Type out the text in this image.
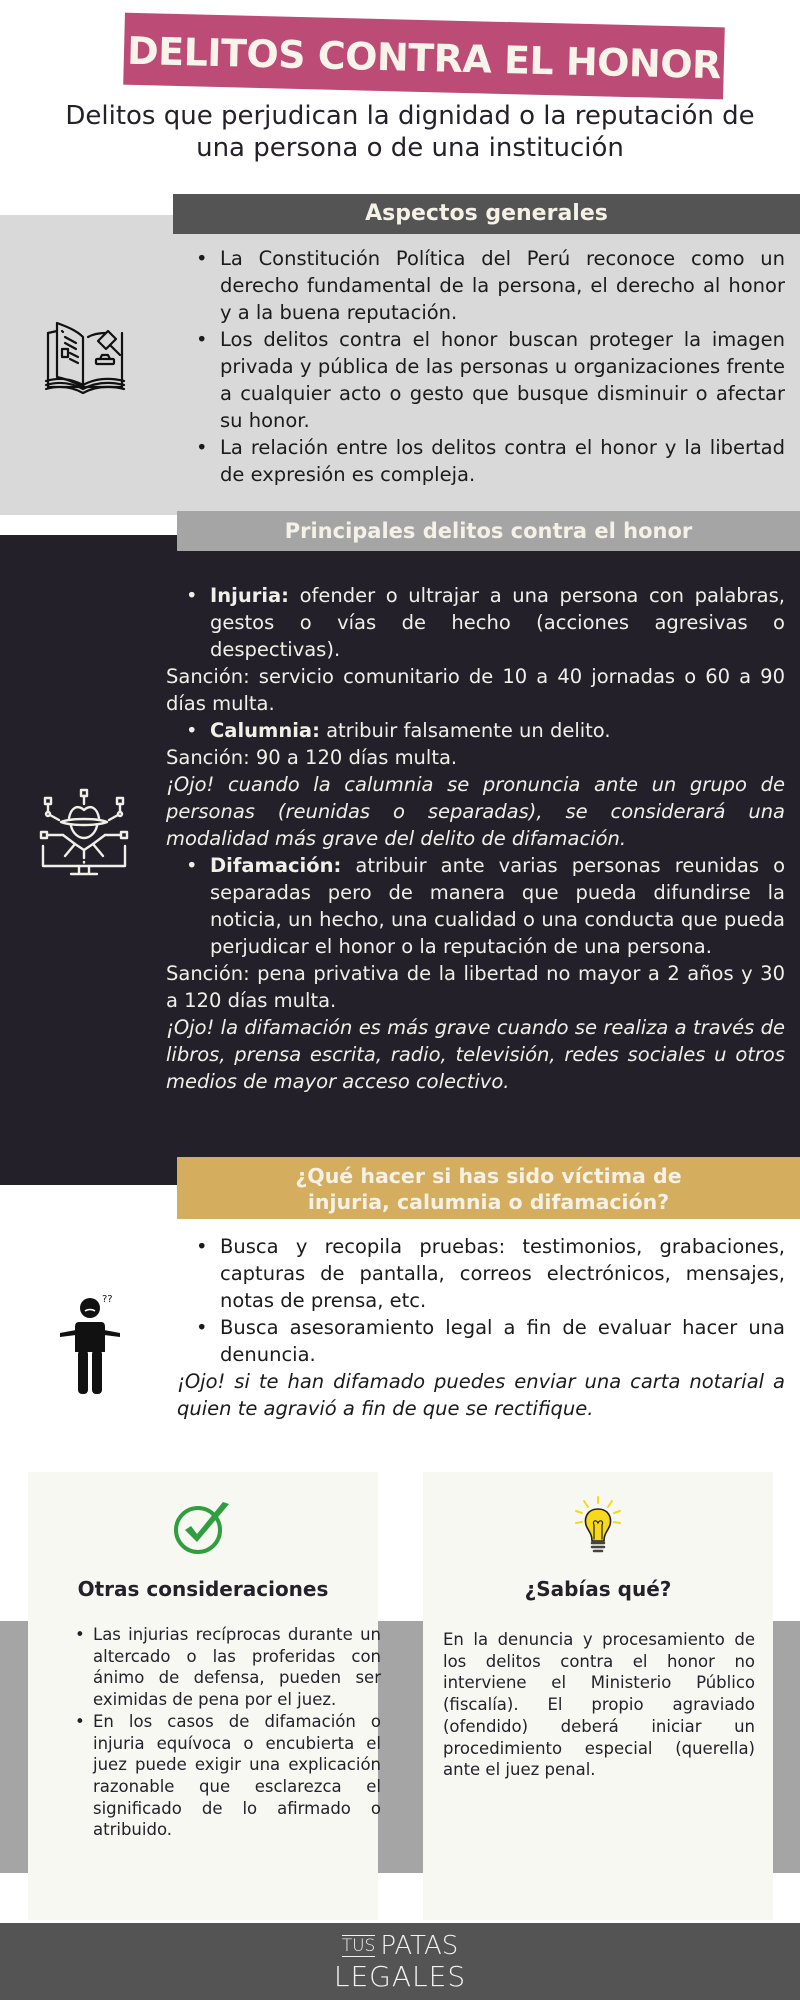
DELITOS CONTRA EL HONOR
Delitos que perjudican la dignidad o la reputación de una persona o de una institución
Aspectos generales
• La Constitución Política del Perú reconoce como un derecho fundamental de la persona, el derecho al honor y a la buena reputación.
• Los delitos contra el honor buscan proteger la imagen privada y pública de las personas u organizaciones frente a cualquier acto o gesto que busque disminuir o afectar su honor.
• La relación entre los delitos contra el honor y la libertad de expresión es compleja.
Principales delitos contra el honor
• Injuria: ofender o ultrajar a una persona con palabras, gestos o vías de hecho (acciones agresivas o despectivas).
Sanción: servicio comunitario de 10 a 40 jornadas o 60 a 90 días multa.
• Calumnia: atribuir falsamente un delito.
Sanción: 90 a 120 días multa.
¡Ojo! cuando la calumnia se pronuncia ante un grupo de personas (reunidas o separadas), se considerará una modalidad más grave del delito de difamación.
• Difamación: atribuir ante varias personas reunidas o separadas pero de manera que pueda difundirse la noticia, un hecho, una cualidad o una conducta que pueda perjudicar el honor o la reputación de una persona.
Sanción: pena privativa de la libertad no mayor a 2 años y 30 a 120 días multa.
¡Ojo! la difamación es más grave cuando se realiza a través de libros, prensa escrita, radio, televisión, redes sociales u otros medios de mayor acceso colectivo.
¿Qué hacer si has sido víctima de
injuria, calumnia o difamación?
??
• Busca y recopila pruebas: testimonios, grabaciones, capturas de pantalla, correos electrónicos, mensajes, notas de prensa, etc.
• Busca asesoramiento legal a fin de evaluar hacer una denuncia.
¡Ojo! si te han difamado puedes enviar una carta notarial a quien te agravió a fin de que se rectifique.
Otras consideraciones
• Las injurias recíprocas durante un altercado o las proferidas con ánimo de defensa, pueden ser eximidas de pena por el juez.
• En los casos de difamación o injuria equívoca o encubierta el juez puede exigir una explicación razonable que esclarezca el significado de lo afirmado o atribuido.
¿Sabías qué?
En la denuncia y procesamiento de los delitos contra el honor no interviene el Ministerio Público (fiscalía). El propio agraviado (ofendido) deberá iniciar un procedimiento especial (querella) ante el juez penal.
TUS PATAS
LEGALES
